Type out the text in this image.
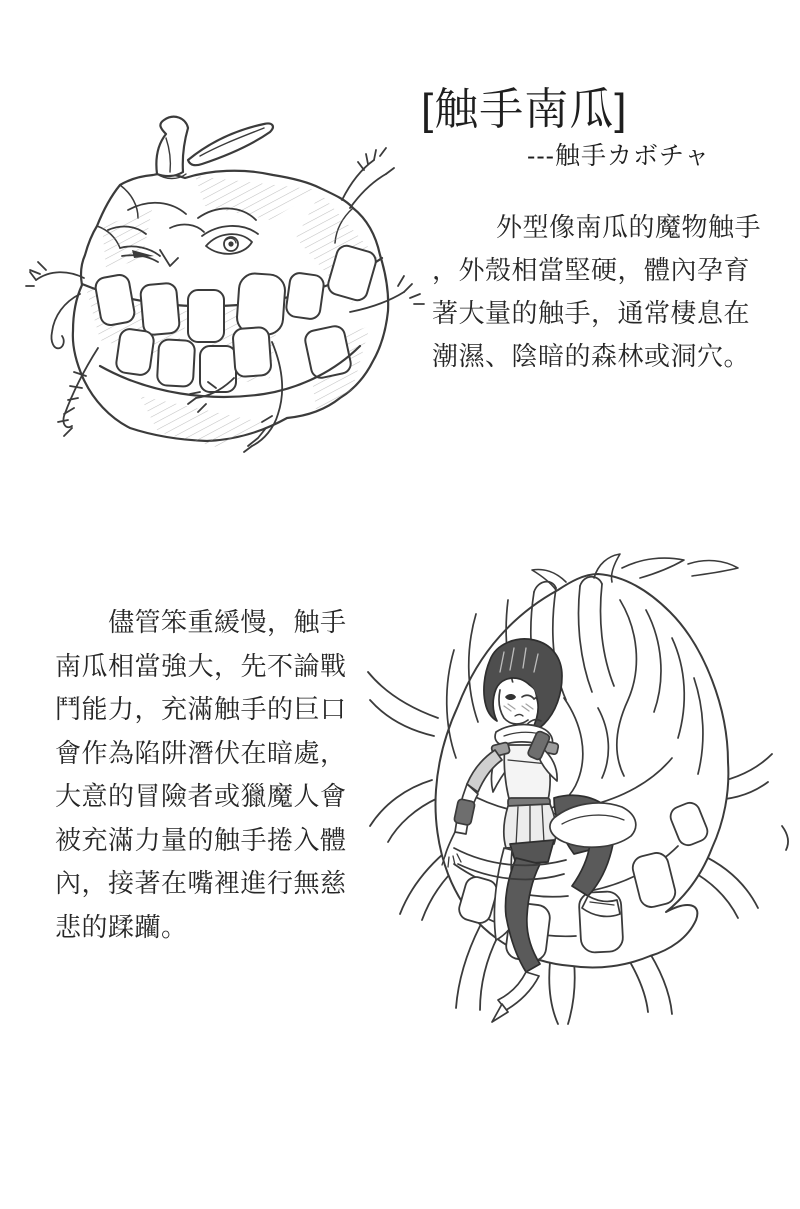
[触手南瓜]
---触手カボチャ
外型像南瓜的魔物触手
，外殼相當堅硬，體內孕育
著大量的触手，通常棲息在
潮濕、陰暗的森林或洞穴。
儘管笨重緩慢，触手
南瓜相當強大，先不論戰
鬥能力，充滿触手的巨口
會作為陷阱潛伏在暗處，
大意的冒險者或獵魔人會
被充滿力量的触手捲入體
內，接著在嘴裡進行無慈
悲的蹂躪。
